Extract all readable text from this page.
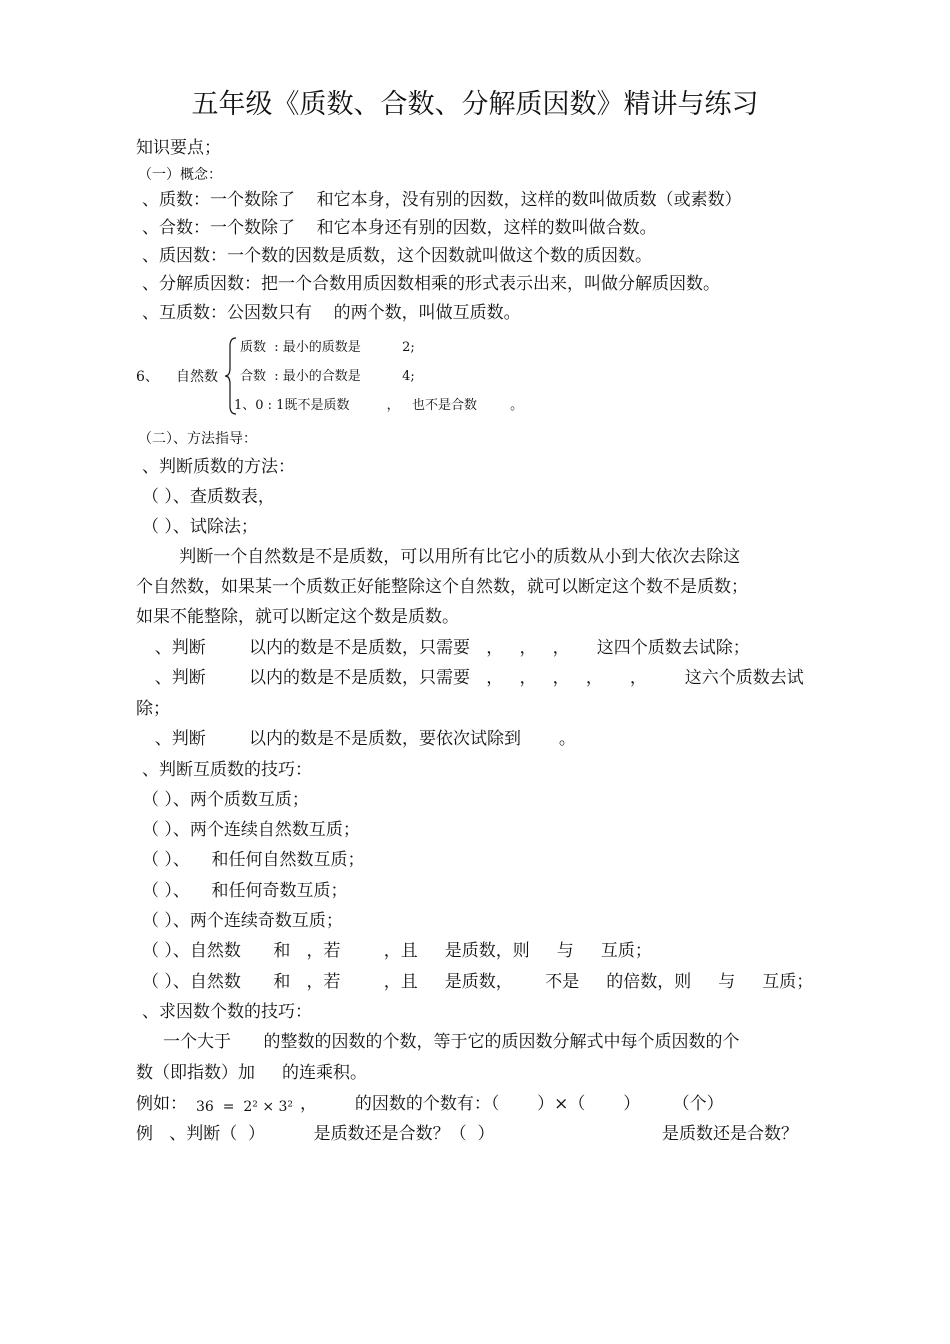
五年级《质数、合数、分解质因数》精讲与练习
知识要点；
（一）概念：
、质数：一个数除了    和它本身，没有别的因数，这样的数叫做质数（或素数）
、合数：一个数除了    和它本身还有别的因数，这样的数叫做合数。
、质因数：一个数的因数是质数，这个因数就叫做这个数的质因数。
、分解质因数：把一个合数用质因数相乘的形式表示出来，叫做分解质因数。
、互质数：公因数只有    的两个数，叫做互质数。
6、 自然数
质数  : 最小的质数是          2;
合数  : 最小的合数是          4;
1、0 : 1既不是质数         ，   也不是合数        。
（二）、方法指导：
、判断质数的方法：
（ ）、查质数表，
（ ）、试除法；
判断一个自然数是不是质数，可以用所有比它小的质数从小到大依次去除这
个自然数，如果某一个质数正好能整除这个自然数，就可以断定这个数不是质数；
如果不能整除，就可以断定这个数是质数。
、判断        以内的数是不是质数，只需要   ，   ，   ，     这四个质数去试除；
、判断        以内的数是不是质数，只需要   ，   ，   ，   ，     ，       这六个质数去试
除；
、判断        以内的数是不是质数，要依次试除到       。
、判断互质数的技巧：
（ ）、两个质数互质；
（ ）、两个连续自然数互质；
（ ）、    和任何自然数互质；
（ ）、    和任何奇数互质；
（ ）、两个连续奇数互质；
（ ）、自然数      和   ，若        ，且     是质数，则     与     互质；
（ ）、自然数      和   ，若        ，且     是质数，      不是     的倍数，则     与     互质；
、求因数个数的技巧：
一个大于      的整数的因数的个数，等于它的质因数分解式中每个质因数的个
数（即指数）加     的连乘积。
例如： 36  =  2² × 3² ，       的因数的个数有：（       ）×（       ）      （个）
例   、判断（  ）         是质数还是合数？（  ）	是质数还是合数？
